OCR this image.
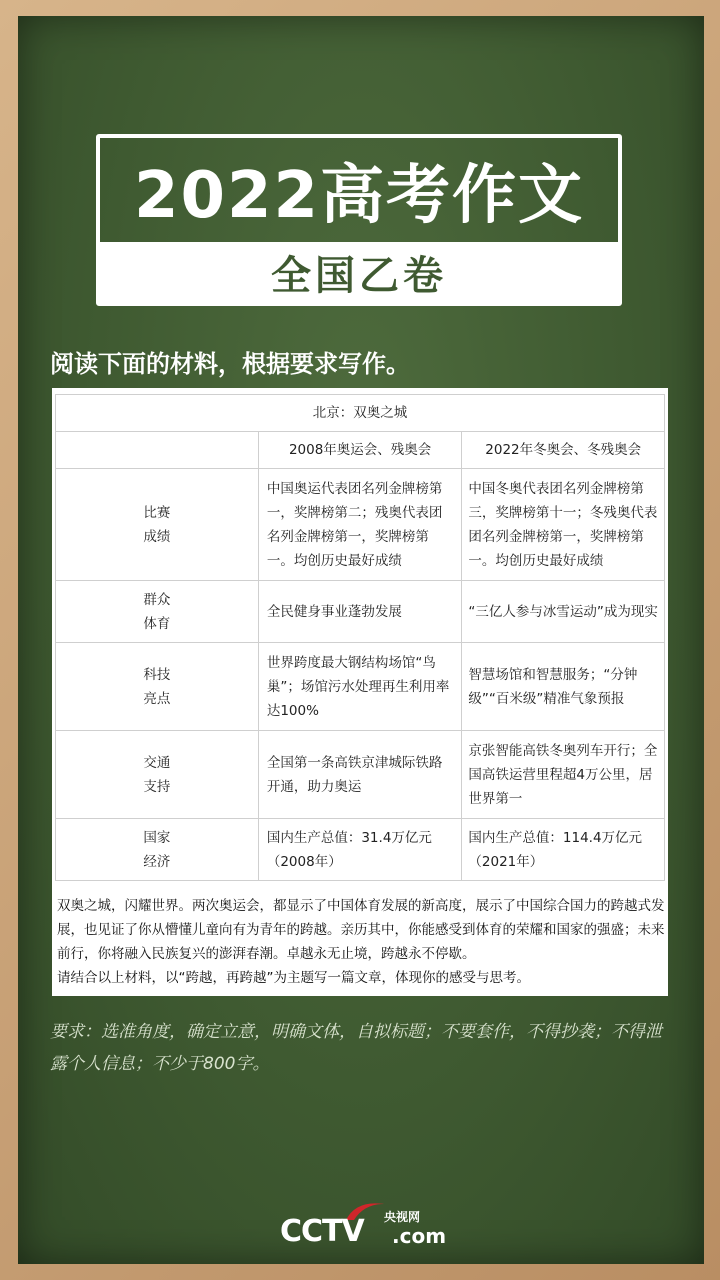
2022高考作文
全国乙卷
阅读下面的材料，根据要求写作。
北京：双奥之城		
	2008年奥运会、残奥会	2022年冬奥会、冬残奥会
比赛
成绩	中国奥运代表团名列金牌榜第一，奖牌榜第二；残奥代表团名列金牌榜第一，奖牌榜第一。均创历史最好成绩	中国冬奥代表团名列金牌榜第三，奖牌榜第十一；冬残奥代表团名列金牌榜第一，奖牌榜第一。均创历史最好成绩
群众
体育	全民健身事业蓬勃发展	“三亿人参与冰雪运动”成为现实
科技
亮点	世界跨度最大钢结构场馆“鸟巢”；场馆污水处理再生利用率达100%	智慧场馆和智慧服务；“分钟级”“百米级”精准气象预报
交通
支持	全国第一条高铁京津城际铁路开通，助力奥运	京张智能高铁冬奥列车开行；全国高铁运营里程超4万公里，居世界第一
国家
经济	国内生产总值：31.4万亿元（2008年）	国内生产总值：114.4万亿元（2021年）
双奥之城，闪耀世界。两次奥运会，都显示了中国体育发展的新高度，展示了中国综合国力的跨越式发展，也见证了你从懵懂儿童向有为青年的跨越。亲历其中，你能感受到体育的荣耀和国家的强盛；未来前行，你将融入民族复兴的澎湃春潮。卓越永无止境，跨越永不停歇。
请结合以上材料，以“跨越，再跨越”为主题写一篇文章，体现你的感受与思考。
要求：选准角度，确定立意，明确文体，自拟标题；不要套作，不得抄袭；不得泄露个人信息；不少于800字。
央视网
CCTV .com
